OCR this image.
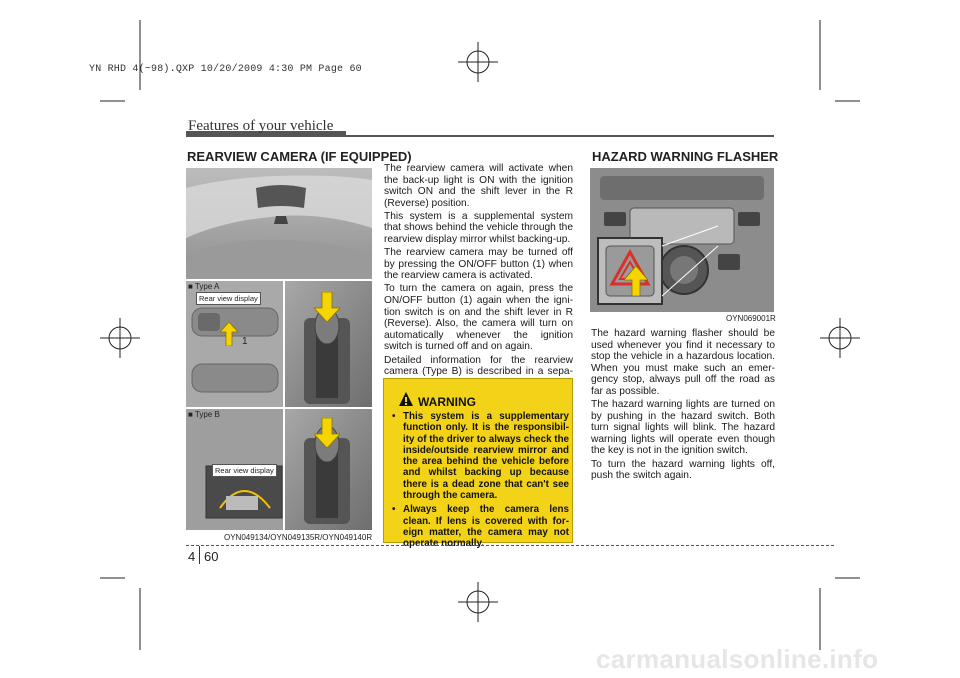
YN RHD 4(~98).QXP 10/20/2009 4:30 PM Page 60
Features of your vehicle
REARVIEW CAMERA (IF EQUIPPED)
■ Type A
Rear view display
1
■ Type B
Rear view display
OYN049134/OYN049135R/OYN049140R

The rearview camera will activate when the back-up light is ON with the ignition switch ON and the shift lever in the R (Reverse) position.

This system is a supplemental system that shows behind the vehicle through the rearview display mirror whilst backing-up.

The rearview camera may be turned off by pressing the ON/OFF button (1) when the rearview camera is activated.

To turn the camera on again, press the ON/OFF button (1) again when the igni-tion switch is on and the shift lever in R (Reverse). Also, the camera will turn on automatically whenever the ignition switch is turned off and on again.

Detailed information for the rearview camera (Type B) is described in a sepa-

WARNING
• This system is a supplementary function only. It is the responsibil-ity of the driver to always check the inside/outside rearview mirror and the area behind the vehicle before and whilst backing up because there is a dead zone that can't see through the camera.
• Always keep the camera lens clean. If lens is covered with for-eign matter, the camera may not operate normally.
HAZARD WARNING FLASHER
OYN069001R

The hazard warning flasher should be used whenever you find it necessary to stop the vehicle in a hazardous location. When you must make such an emer-gency stop, always pull off the road as far as possible.

The hazard warning lights are turned on by pushing in the hazard switch. Both turn signal lights will blink. The hazard warning lights will operate even though the key is not in the ignition switch.

To turn the hazard warning lights off, push the switch again.

4 60
carmanualsonline.info
